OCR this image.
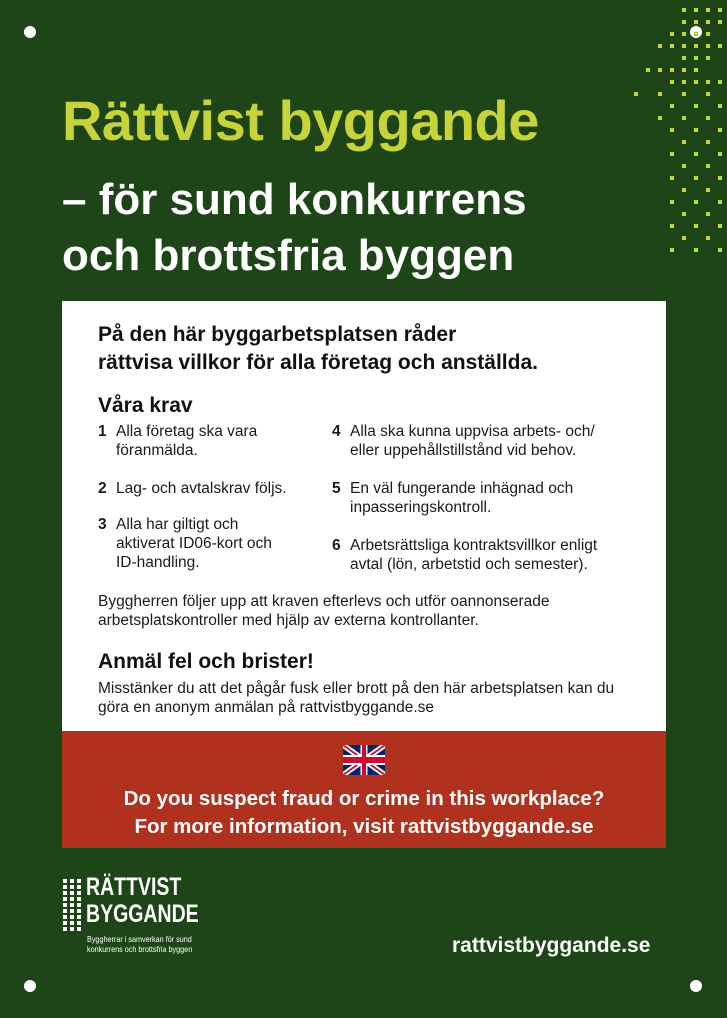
Rättvist byggande
– för sund konkurrens
och brottsfria byggen
På den här byggarbetsplatsen råder
rättvisa villkor för alla företag och anställda.
Våra krav
1 Alla företag ska vara föranmälda.
2 Lag- och avtalskrav följs.
3 Alla har giltigt och aktiverat ID06-kort och ID-handling.
4 Alla ska kunna uppvisa arbets- och/ eller uppehållstillstånd vid behov.
5 En väl fungerande inhägnad och inpasseringskontroll.
6 Arbetsrättsliga kontraktsvillkor enligt avtal (lön, arbetstid och semester).
Byggherren följer upp att kraven efterlevs och utför oannonserade arbetsplatskontroller med hjälp av externa kontrollanter.
Anmäl fel och brister!
Misstänker du att det pågår fusk eller brott på den här arbetsplatsen kan du göra en anonym anmälan på rattvistbyggande.se
Do you suspect fraud or crime in this workplace?
For more information, visit rattvistbyggande.se
RÄTTVIST
BYGGANDE
Byggherrar i samverkan för sund
konkurrens och brottsfria byggen	rattvistbyggande.se
